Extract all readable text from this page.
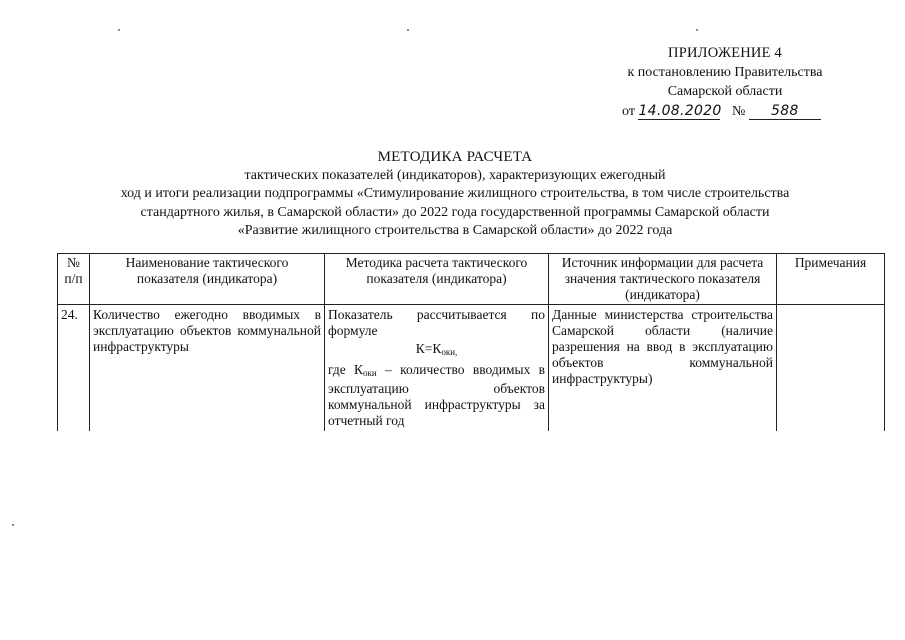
ПРИЛОЖЕНИЕ 4
к постановлению Правительства
Самарской области
от 14.08.2020 № 588
МЕТОДИКА РАСЧЕТА
тактических показателей (индикаторов), характеризующих ежегодный
ход и итоги реализации подпрограммы «Стимулирование жилищного строительства, в том числе строительства
стандартного жилья, в Самарской области» до 2022 года государственной программы Самарской области
«Развитие жилищного строительства в Самарской области» до 2022 года
№ п/п	Наименование тактического показателя (индикатора)	Методика расчета тактического показателя (индикатора)	Источник информации для расчета значения тактического показателя (индикатора)	Примечания
24.	Количество ежегодно вводимых в эксплуатацию объектов коммунальной инфраструктуры	Показатель рассчитывается по формуле
$К=К_{оки,}$
где $К_{оки}$ – количество вводимых в эксплуатацию объектов коммунальной инфраструктуры за отчетный год	Данные министерства строительства Самарской области (наличие разрешения на ввод в эксплуатацию объектов коммунальной инфраструктуры)	
